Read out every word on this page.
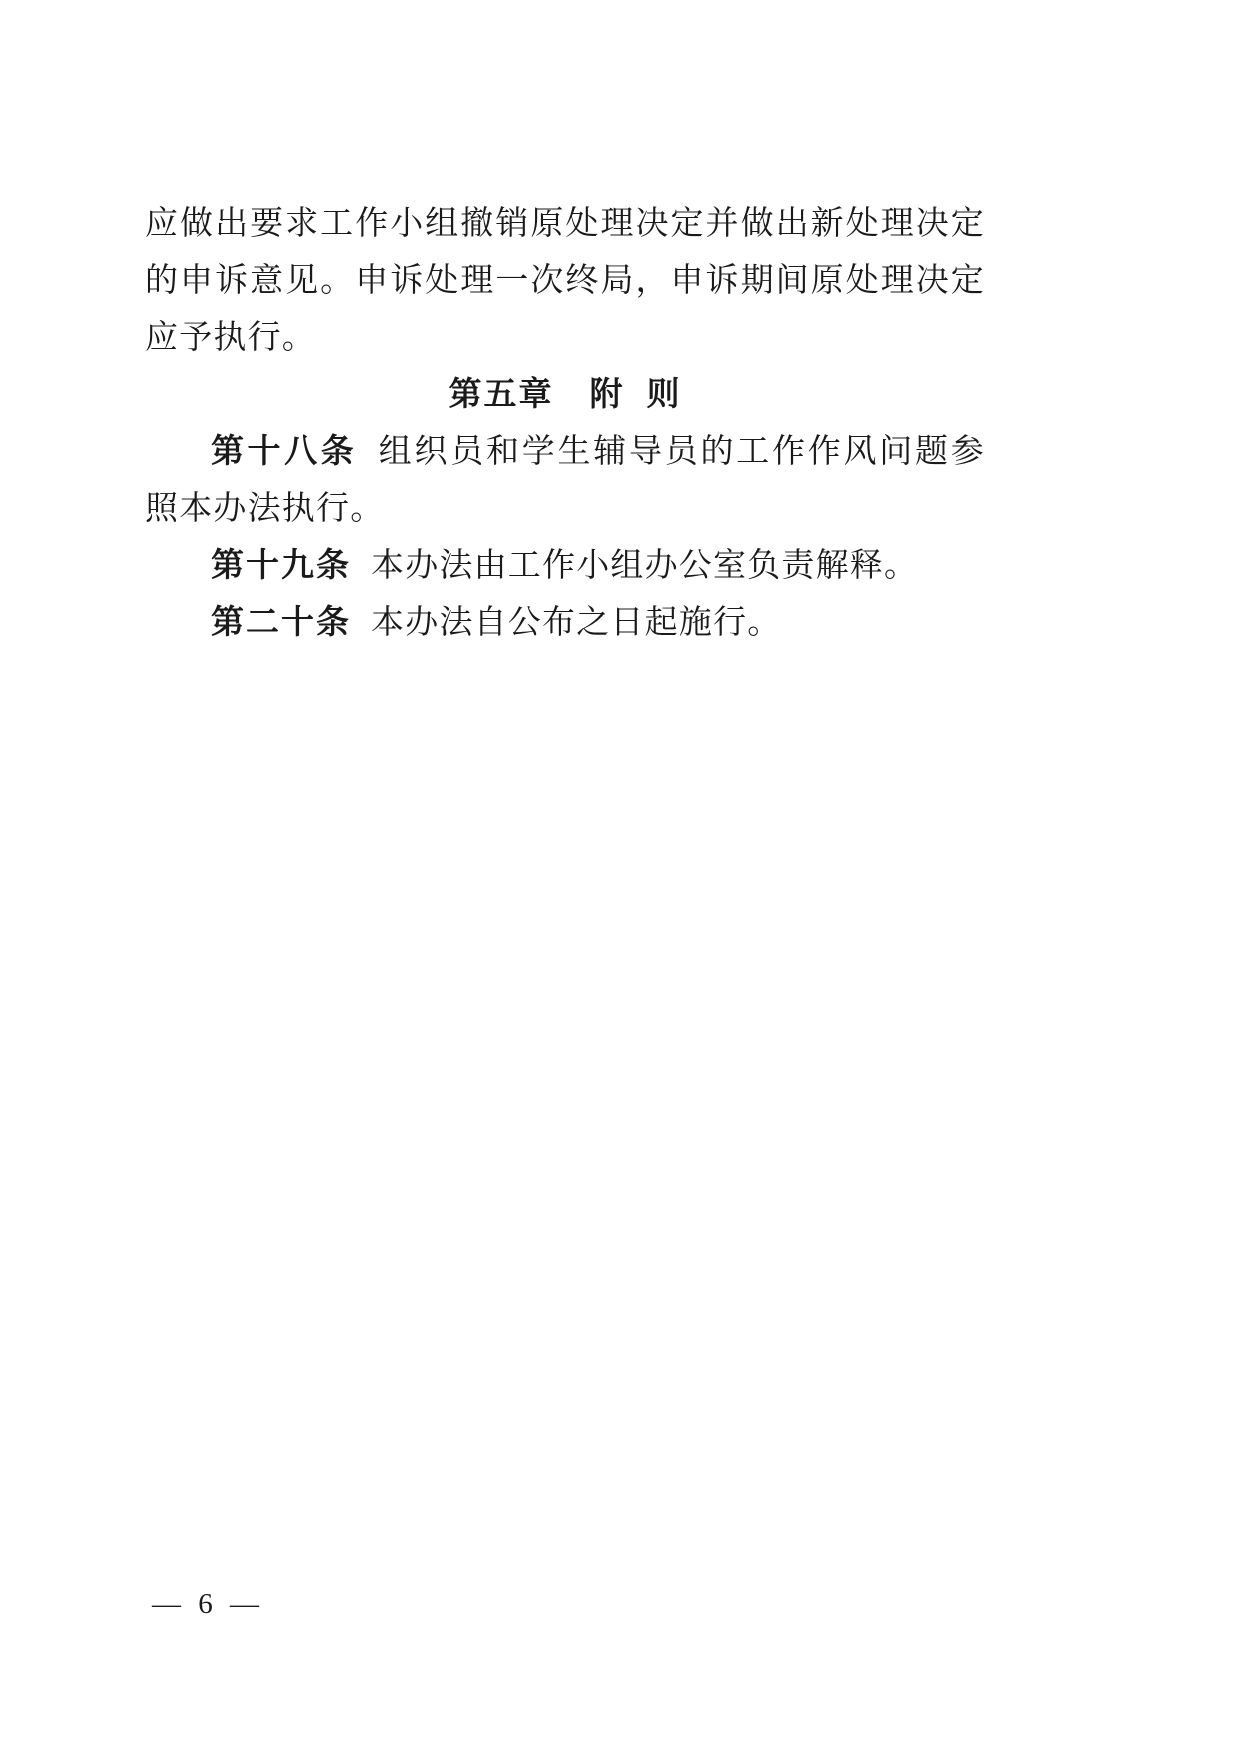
应做出要求工作小组撤销原处理决定并做出新处理决定的申诉意见。申诉处理一次终局，申诉期间原处理决定应予执行。

第五章 附 则

第十八条 组织员和学生辅导员的工作作风问题参照本办法执行。

第十九条 本办法由工作小组办公室负责解释。

第二十条 本办法自公布之日起施行。

— 6 —
